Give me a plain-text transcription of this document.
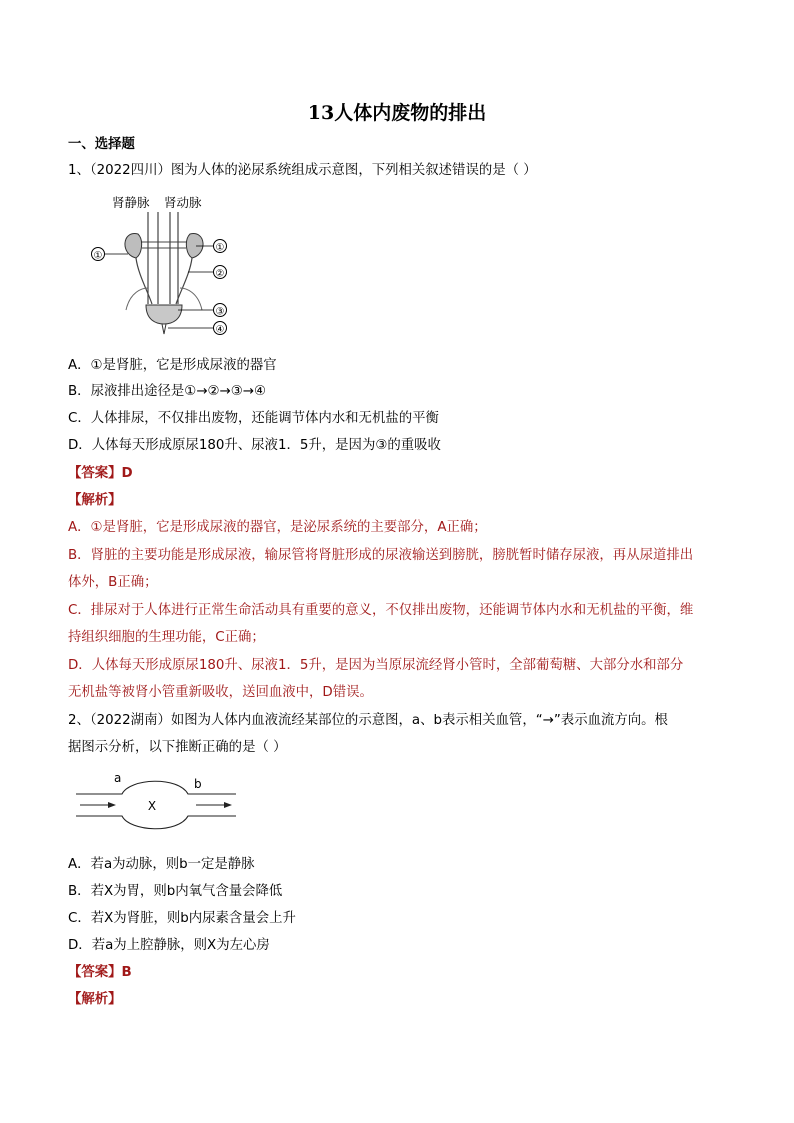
13人体内废物的排出
一、选择题
1、（2022四川）图为人体的泌尿系统组成示意图，下列相关叙述错误的是（ ）
肾静脉 肾动脉
①
①
②
③
④
A．①是肾脏，它是形成尿液的器官
B．尿液排出途径是①→②→③→④
C．人体排尿，不仅排出废物，还能调节体内水和无机盐的平衡
D．人体每天形成原尿180升、尿液1．5升，是因为③的重吸收
【答案】D
【解析】
A．①是肾脏，它是形成尿液的器官，是泌尿系统的主要部分，A正确；
B．肾脏的主要功能是形成尿液，输尿管将肾脏形成的尿液输送到膀胱，膀胱暂时储存尿液，再从尿道排出
体外，B正确；
C．排尿对于人体进行正常生命活动具有重要的意义，不仅排出废物，还能调节体内水和无机盐的平衡，维
持组织细胞的生理功能，C正确；
D．人体每天形成原尿180升、尿液1．5升，是因为当原尿流经肾小管时，全部葡萄糖、大部分水和部分
无机盐等被肾小管重新吸收，送回血液中，D错误。
2、（2022湖南）如图为人体内血液流经某部位的示意图，a、b表示相关血管，“→”表示血流方向。根
据图示分析，以下推断正确的是（ ）
a	b
X
A．若a为动脉，则b一定是静脉
B．若X为胃，则b内氧气含量会降低
C．若X为肾脏，则b内尿素含量会上升
D．若a为上腔静脉，则X为左心房
【答案】B
【解析】
